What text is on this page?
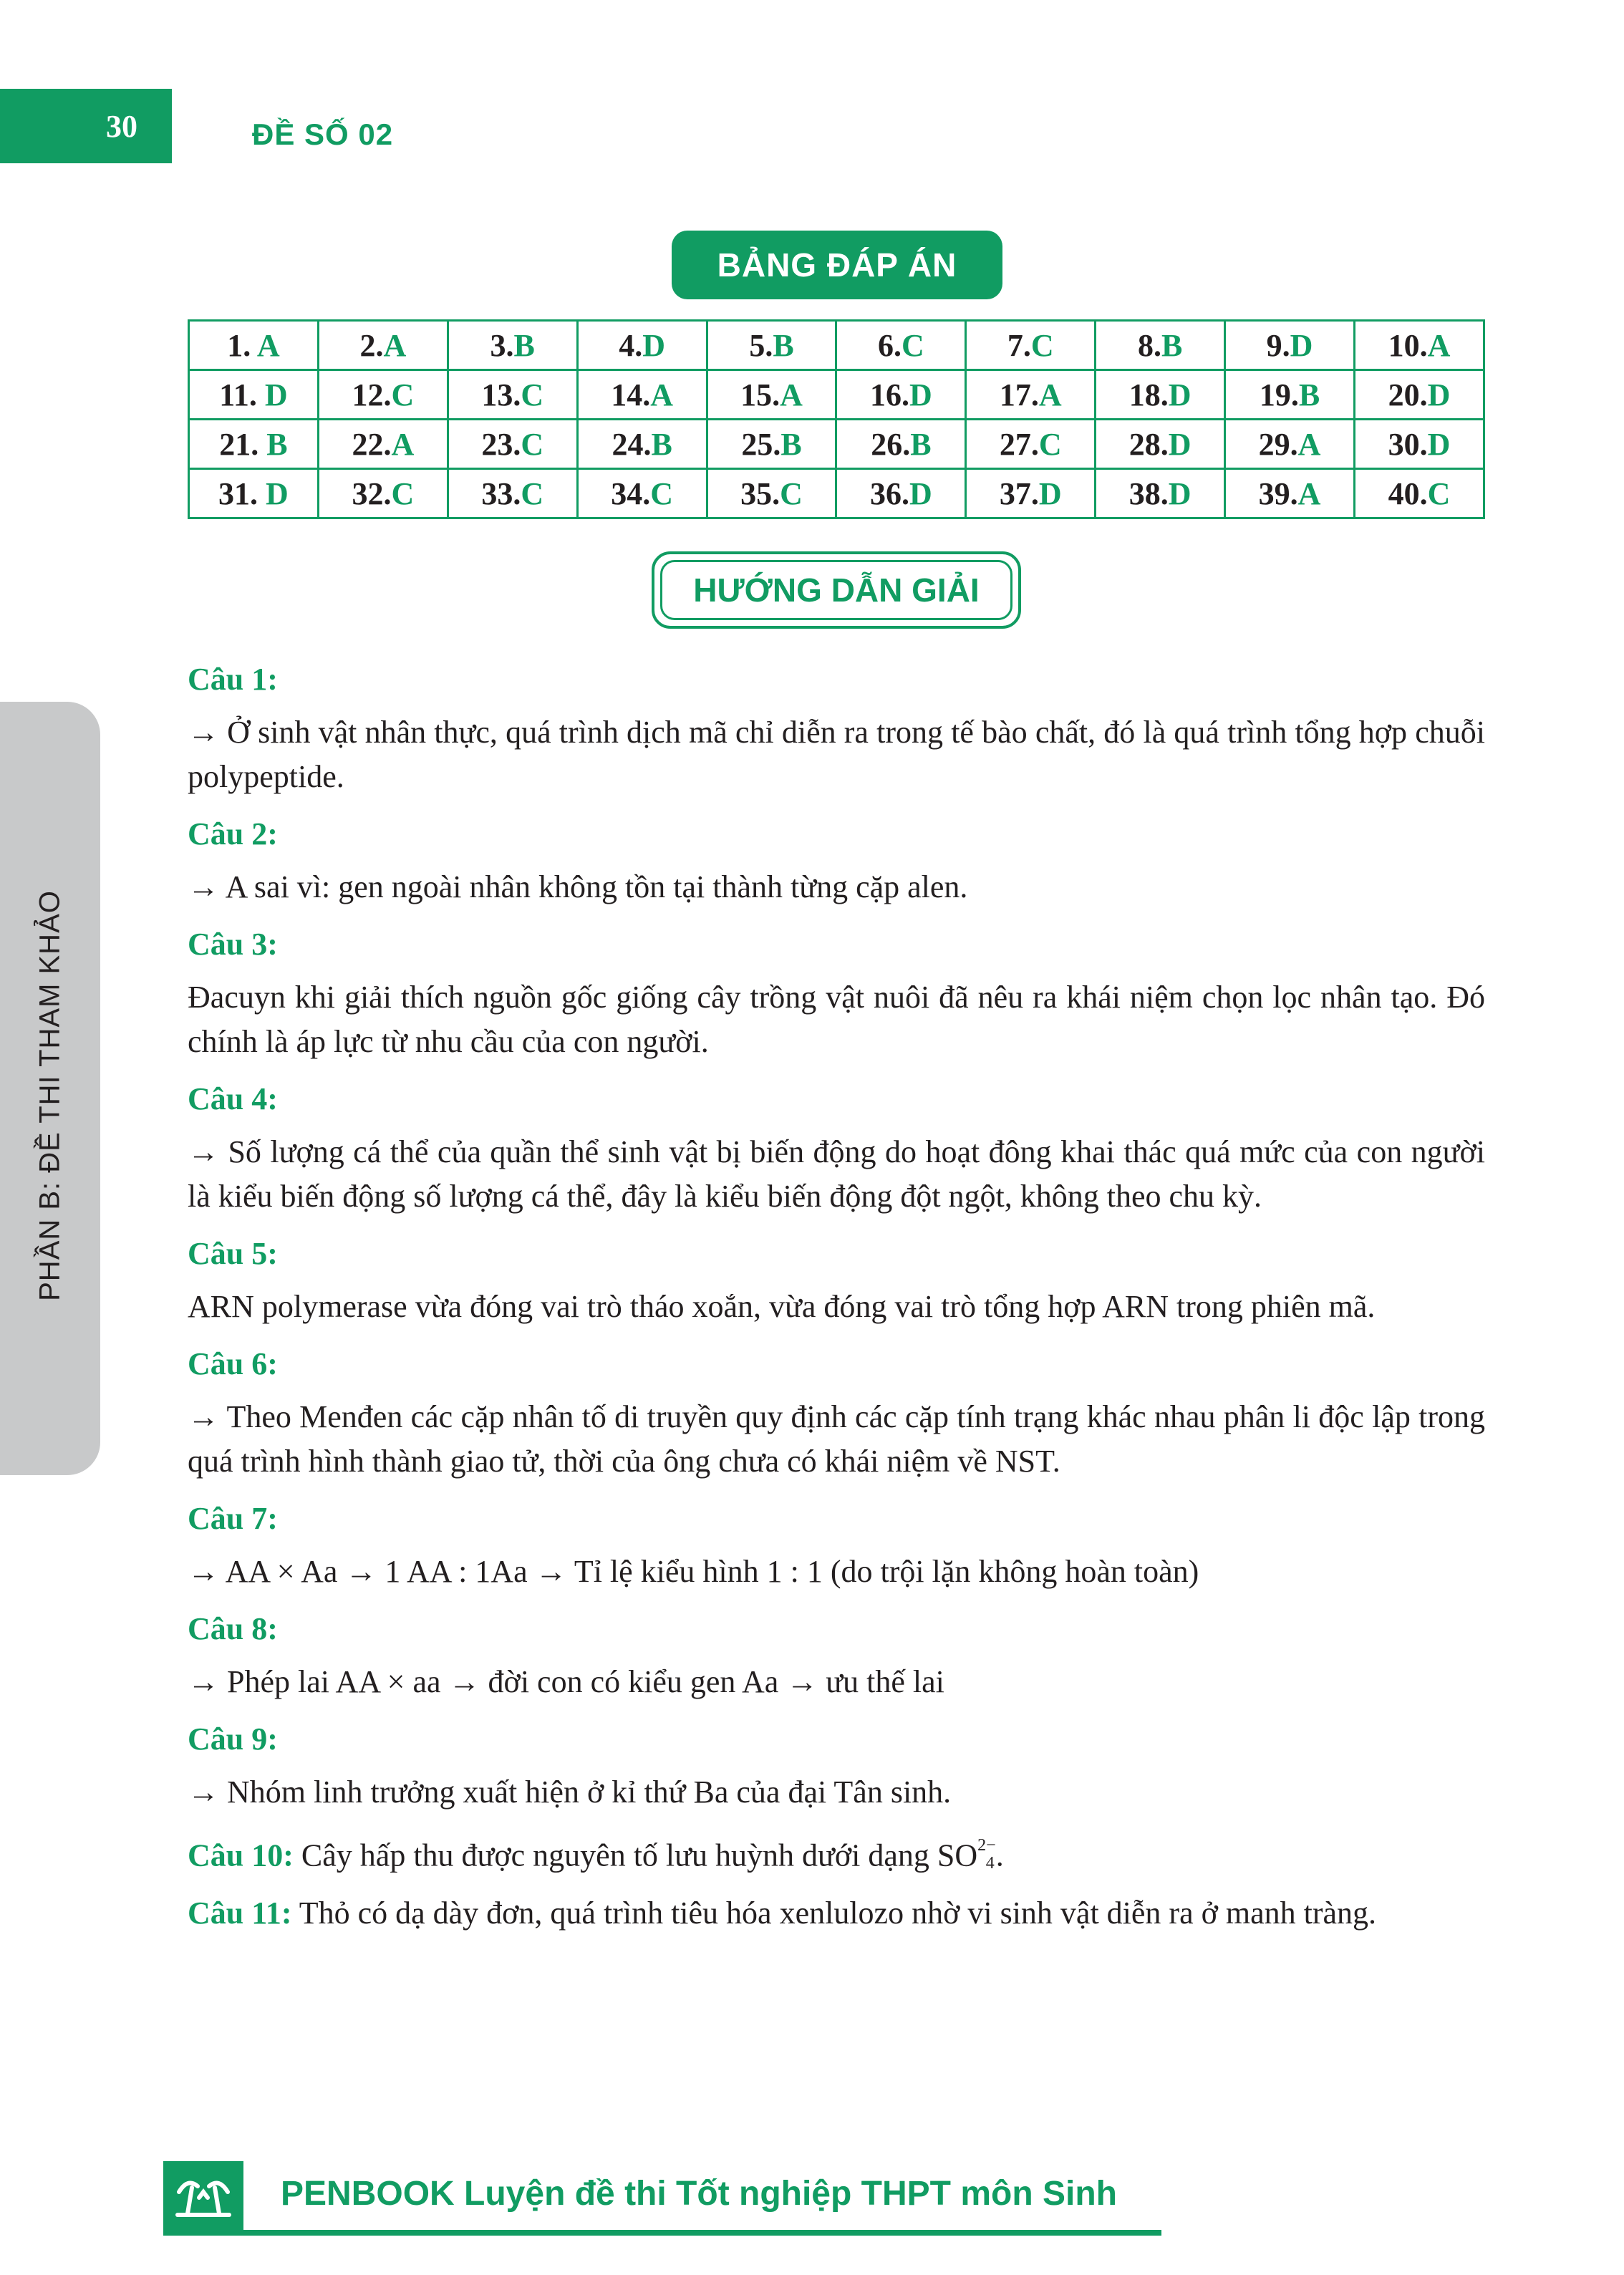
30	ĐỀ SỐ 02
PHẦN B: ĐỀ THI THAM KHẢO
BẢNG ĐÁP ÁN
1. A	2.A	3.B	4.D	5.B	6.C	7.C	8.B	9.D	10.A
11. D	12.C	13.C	14.A	15.A	16.D	17.A	18.D	19.B	20.D
21. B	22.A	23.C	24.B	25.B	26.B	27.C	28.D	29.A	30.D
31. D	32.C	33.C	34.C	35.C	36.D	37.D	38.D	39.A	40.C
HƯỚNG DẪN GIẢI
Câu 1:
→ Ở sinh vật nhân thực, quá trình dịch mã chỉ diễn ra trong tế bào chất, đó là quá trình tổng hợp chuỗi polypeptide.
Câu 2:
→ A sai vì: gen ngoài nhân không tồn tại thành từng cặp alen.
Câu 3:
Đacuyn khi giải thích nguồn gốc giống cây trồng vật nuôi đã nêu ra khái niệm chọn lọc nhân tạo. Đó chính là áp lực từ nhu cầu của con người.
Câu 4:
→ Số lượng cá thể của quần thể sinh vật bị biến động do hoạt đông khai thác quá mức của con người là kiểu biến động số lượng cá thể, đây là kiểu biến động đột ngột, không theo chu kỳ.
Câu 5:
ARN polymerase vừa đóng vai trò tháo xoắn, vừa đóng vai trò tổng hợp ARN trong phiên mã.
Câu 6:
→ Theo Menđen các cặp nhân tố di truyền quy định các cặp tính trạng khác nhau phân li độc lập trong quá trình hình thành giao tử, thời của ông chưa có khái niệm về NST.
Câu 7:
→ AA × Aa → 1 AA : 1Aa → Tỉ lệ kiểu hình 1 : 1 (do trội lặn không hoàn toàn)
Câu 8:
→ Phép lai AA × aa → đời con có kiểu gen Aa → ưu thế lai
Câu 9:
→ Nhóm linh trưởng xuất hiện ở kỉ thứ Ba của đại Tân sinh.
Câu 10: Cây hấp thu được nguyên tố lưu huỳnh dưới dạng $SO^{2-}$
4 .
Câu 11: Thỏ có dạ dày đơn, quá trình tiêu hóa xenlulozo nhờ vi sinh vật diễn ra ở manh tràng.
PENBOOK Luyện đề thi Tốt nghiệp THPT môn Sinh
